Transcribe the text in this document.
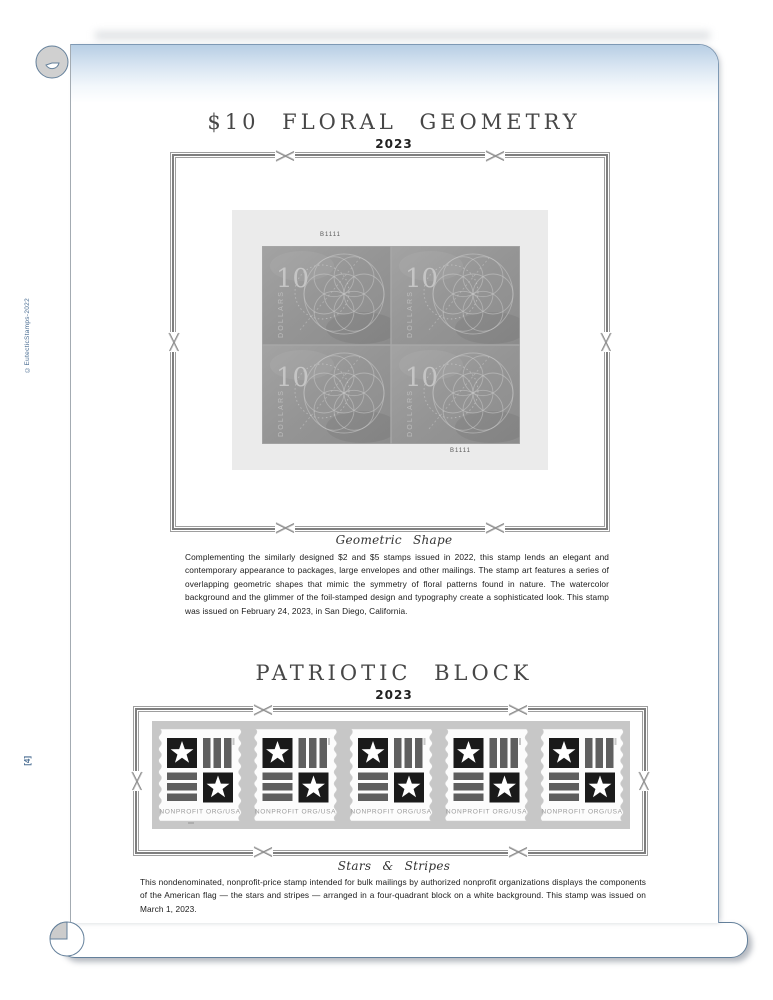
©EutecticStamps-2022
[4]
$10 FLORAL GEOMETRY
2023
B1111
B1111
Geometric Shape
Complementing the similarly designed $2 and $5 stamps issued in 2022, this stamp lends an elegant and contemporary appearance to packages, large envelopes and other mailings. The stamp art features a series of overlapping geometric shapes that mimic the symmetry of floral patterns found in nature. The watercolor background and the glimmer of the foil-stamped design and typography create a sophisticated look. This stamp was issued on February 24, 2023, in San Diego, California.
PATRIOTIC BLOCK
2023
Stars & Stripes
This nondenominated, nonprofit-price stamp intended for bulk mailings by authorized nonprofit organizations displays the components of the American flag — the stars and stripes — arranged in a four-quadrant block on a white background. This stamp was issued on March 1, 2023.
